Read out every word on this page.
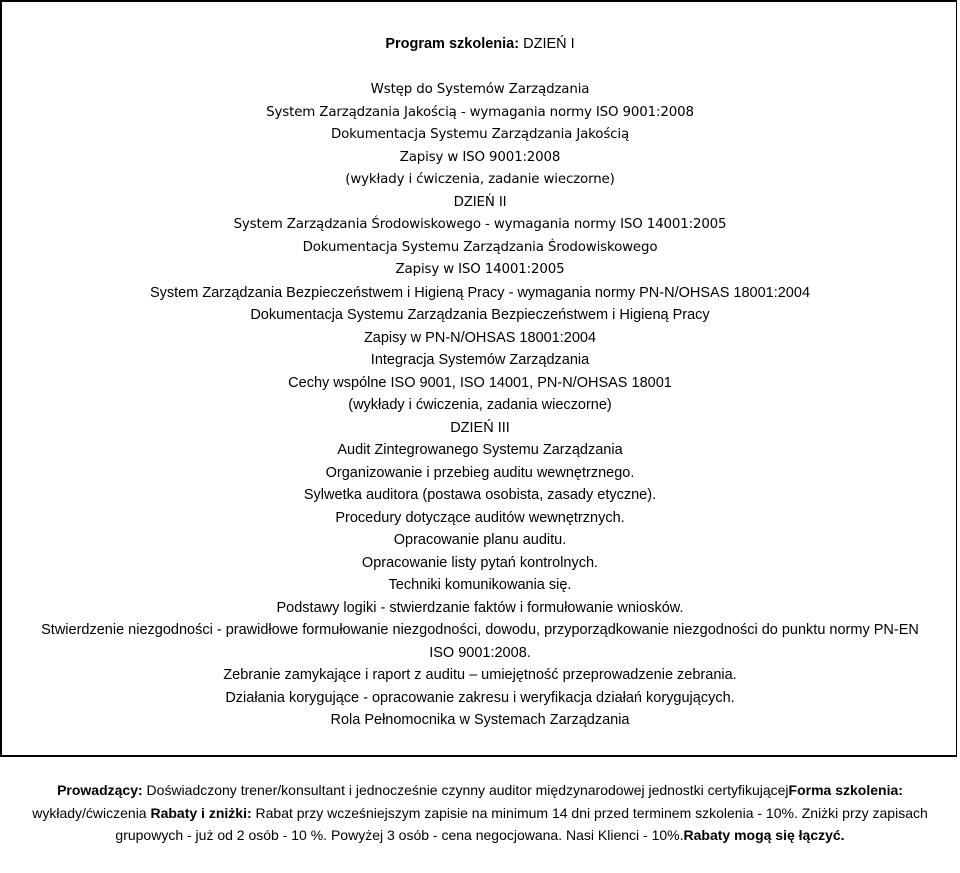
Program szkolenia: DZIEŃ I
Wstęp do Systemów Zarządzania
System Zarządzania Jakością - wymagania normy ISO 9001:2008
Dokumentacja Systemu Zarządzania Jakością
Zapisy w ISO 9001:2008
(wykłady i ćwiczenia, zadanie wieczorne)
DZIEŃ II
System Zarządzania Środowiskowego - wymagania normy ISO 14001:2005
Dokumentacja Systemu Zarządzania Środowiskowego
Zapisy w ISO 14001:2005
System Zarządzania Bezpieczeństwem i Higieną Pracy - wymagania normy PN-N/OHSAS 18001:2004
Dokumentacja Systemu Zarządzania Bezpieczeństwem i Higieną Pracy
Zapisy w PN-N/OHSAS 18001:2004
Integracja Systemów Zarządzania
Cechy wspólne ISO 9001, ISO 14001, PN-N/OHSAS 18001
(wykłady i ćwiczenia, zadania wieczorne)
DZIEŃ III
Audit Zintegrowanego Systemu Zarządzania
Organizowanie i przebieg auditu wewnętrznego.
Sylwetka auditora (postawa osobista, zasady etyczne).
Procedury dotyczące auditów wewnętrznych.
Opracowanie planu auditu.
Opracowanie listy pytań kontrolnych.
Techniki komunikowania się.
Podstawy logiki - stwierdzanie faktów i formułowanie wniosków.
Stwierdzenie niezgodności - prawidłowe formułowanie niezgodności, dowodu, przyporządkowanie niezgodności do punktu normy PN-EN
ISO 9001:2008.
Zebranie zamykające i raport z auditu – umiejętność przeprowadzenie zebrania.
Działania korygujące - opracowanie zakresu i weryfikacja działań korygujących.
Rola Pełnomocnika w Systemach Zarządzania
Prowadzący: Doświadczony trener/konsultant i jednocześnie czynny auditor międzynarodowej jednostki certyfikującejForma szkolenia:
wykłady/ćwiczenia Rabaty i zniżki: Rabat przy wcześniejszym zapisie na minimum 14 dni przed terminem szkolenia - 10%. Zniżki przy zapisach
grupowych - już od 2 osób - 10 %. Powyżej 3 osób - cena negocjowana. Nasi Klienci - 10%.Rabaty mogą się łączyć.
